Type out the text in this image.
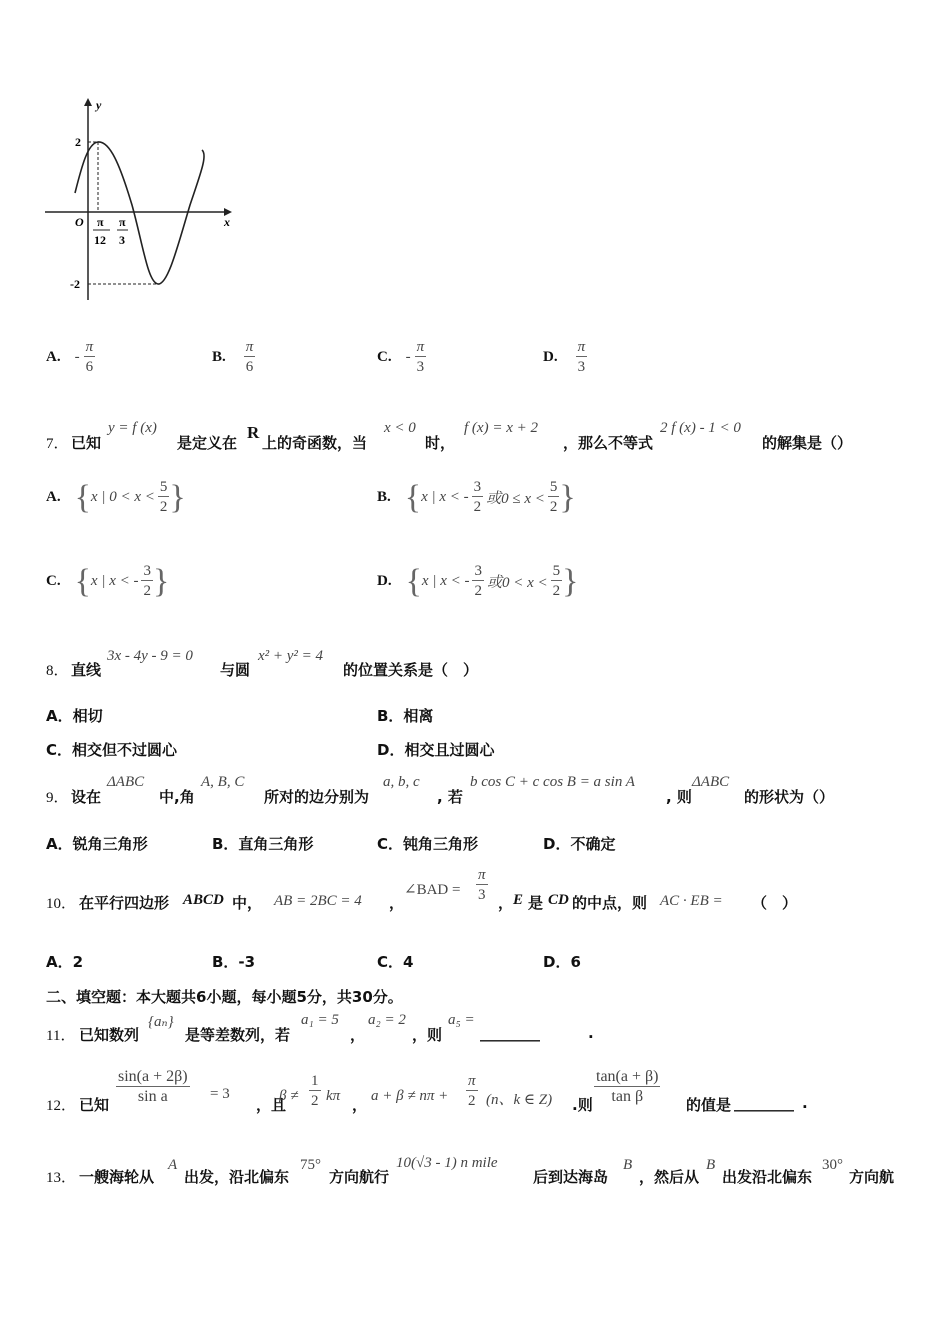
y
x
O
2
-2
π
12
π
3
A. - $\frac{\pi}{6}$	B. $\frac{\pi}{6}$	C. - $\frac{\pi}{3}$	D. $\frac{\pi}{3}$
7． 已知
y = f (x)
是定义在
R
上的奇函数，当
x < 0
时，
f (x) = x + 2
，那么不等式
2 f (x) - 1 < 0
的解集是（）
A. { x | $0 < x < \frac{5}{2}$ }	B. { x | x < - $\frac{3}{2}$ 或$0 \le x < \frac{5}{2}$ }
C. { x | x < - $\frac{3}{2}$ }	D. { x | x < - $\frac{3}{2}$ 或$0 < x < \frac{5}{2}$ }
8． 直线
3x - 4y - 9 = 0
与圆
x² + y² = 4
的位置关系是（　）
A．相切	B．相离
C．相交但不过圆心	D．相交且过圆心
9． 设在
ΔABC
中,角
A, B, C
所对的边分别为
a, b, c
, 若
b cos C + c cos B = a sin A
, 则
ΔABC
的形状为（）
A．锐角三角形	B．直角三角形	C．钝角三角形	D．不确定
10． 在平行四边形 ABCD 中， AB = 2BC = 4 ，
∠BAD = $\frac{\pi}{3}$ ， E 是 CD 的中点，则 AC · EB = （　）
A．2	B．-3	C．4	D．6
二、填空题：本大题共6小题，每小题5分，共30分。
11． 已知数列
{aₙ}
是等差数列，若
a₁ = 5
，
a₂ = 2
，则
a₅ =
________	.
12． 已知 $\frac{\sin(a + 2\beta)}{\text{sin a}} = 3$
，且
$\beta \ne \frac{1}{2}$ kπ ， $a + \beta \ne n\pi + \frac{\pi}{2} (n$、k ∈ Z) .则 $\frac{\tan(a + \beta)}{\text{tan β}}$ 的值是 ________ .
13． 一艘海轮从
A
出发，沿北偏东
75°
方向航行
10(√3 - 1) n mile
后到达海岛
B
，然后从
B
出发沿北偏东
30°
方向航
